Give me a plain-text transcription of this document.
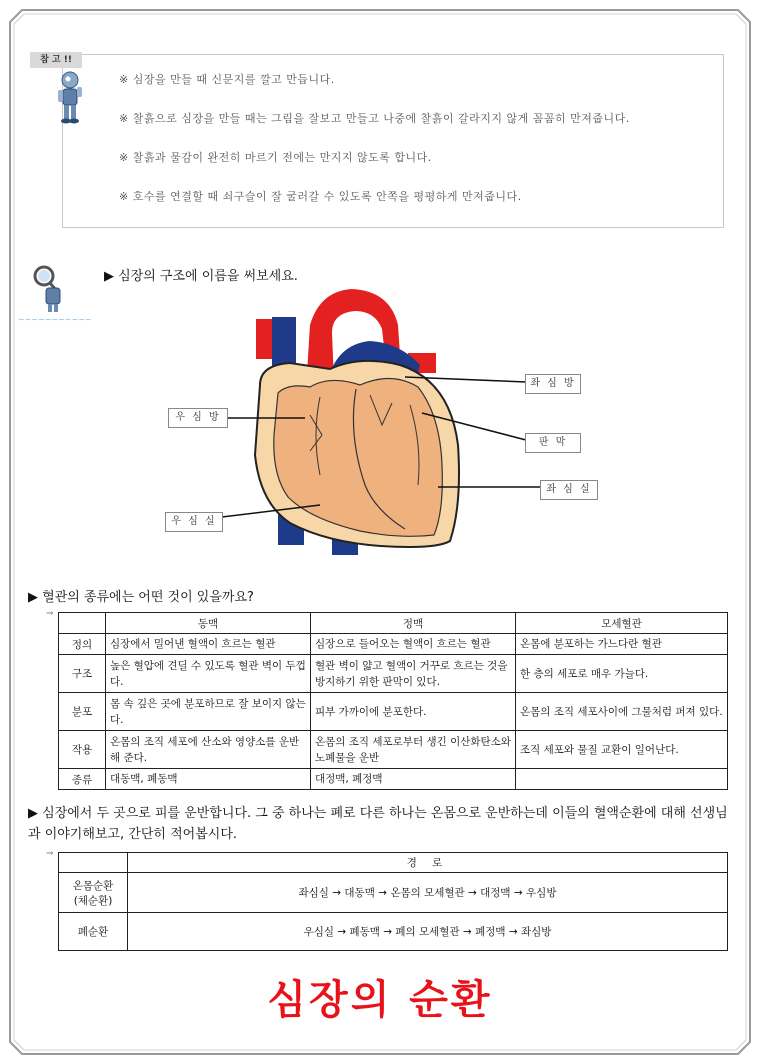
※ 심장을 만들 때 신문지를 깔고 만듭니다.
※ 찰흙으로 심장을 만들 때는 그림을 잘보고 만들고 나중에 찰흙이 갈라지지 않게 꼼꼼히 만져줍니다.
※ 찰흙과 물감이 완전히 마르기 전에는 만지지 않도록 합니다.
※ 호수를 연결할 때 쇠구슬이 잘 굴러갈 수 있도록 안쪽을 평평하게 만져줍니다.
참 고 !!
~~~~~~~~~~~
▶ 심장의 구조에 이름을 써보세요.
우 심 방
우 심 실
좌 심 방
판 막
좌 심 실
▶ 혈관의 종류에는 어떤 것이 있을까요?
⇒
	동맥	정맥	모세혈관
정의	심장에서 밀어낸 혈액이 흐르는 혈관	심장으로 들어오는 혈액이 흐르는 혈관	온몸에 분포하는 가느다란 혈관
구조	높은 혈압에 견딜 수 있도록 혈관 벽이 두껍다.	혈관 벽이 얇고 혈액이 거꾸로 흐르는 것을 방지하기 위한 판막이 있다.	한 층의 세포로 매우 가늘다.
분포	몸 속 깊은 곳에 분포하므로 잘 보이지 않는다.	피부 가까이에 분포한다.	온몸의 조직 세포사이에 그물처럼 퍼져 있다.
작용	온몸의 조직 세포에 산소와 영양소를 운반해 준다.	온몸의 조직 세포로부터 생긴 이산화탄소와 노폐물을 운반	조직 세포와 물질 교환이 일어난다.
종류	대동맥, 폐동맥	대정맥, 폐정맥	
▶ 심장에서 두 곳으로 피를 운반합니다. 그 중 하나는 폐로 다른 하나는 온몸으로 운반하는데 이들의 혈액순환에 대해 선생님과 이야기해보고, 간단히 적어봅시다.
⇒
	경 로

온몸순환
(체순환)	좌심실 → 대동맥 → 온몸의 모세혈관 → 대정맥 → 우심방

폐순환	우심실 → 폐동맥 → 폐의 모세혈관 → 폐정맥 → 좌심방
심장의 순환
